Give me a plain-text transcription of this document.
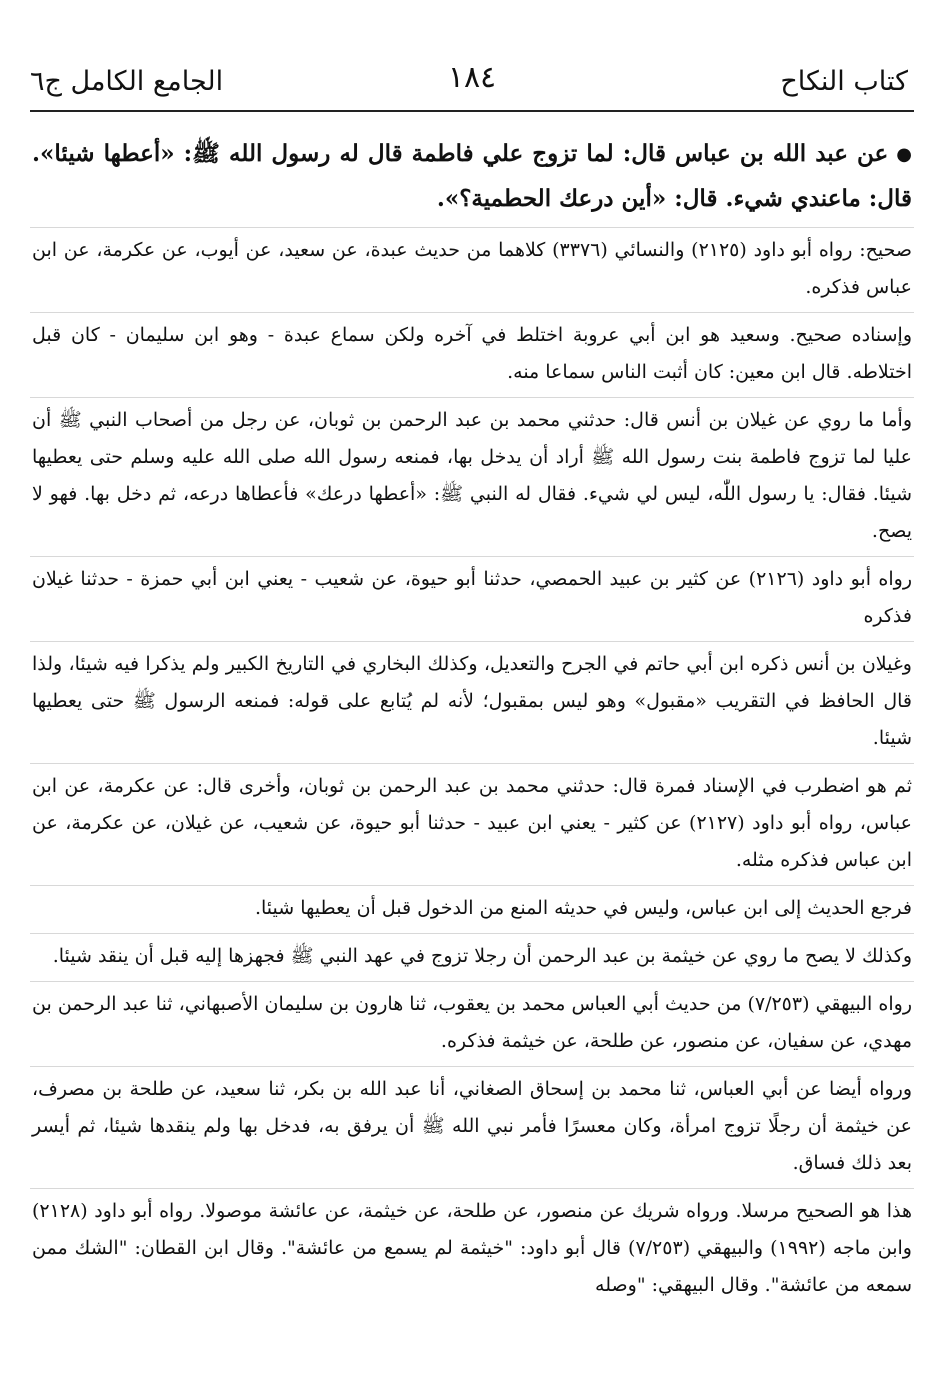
كتاب النكاح
١٨٤
الجامع الكامل ج٦

●عن عبد الله بن عباس قال: لما تزوج علي فاطمة قال له رسول الله ﷺ: «أعطها شيئا». قال: ماعندي شيء. قال: «أين درعك الحطمية؟».

صحيح: رواه أبو داود (٢١٢٥) والنسائي (٣٣٧٦) كلاهما من حديث عبدة، عن سعيد، عن أيوب، عن عكرمة، عن ابن عباس فذكره.

وإسناده صحيح. وسعيد هو ابن أبي عروبة اختلط في آخره ولكن سماع عبدة - وهو ابن سليمان - كان قبل اختلاطه. قال ابن معين: كان أثبت الناس سماعا منه.

وأما ما روي عن غيلان بن أنس قال: حدثني محمد بن عبد الرحمن بن ثوبان، عن رجل من أصحاب النبي ﷺ أن عليا لما تزوج فاطمة بنت رسول الله ﷺ أراد أن يدخل بها، فمنعه رسول الله صلى الله عليه وسلم حتى يعطيها شيئا. فقال: يا رسول اللّٰه، ليس لي شيء. فقال له النبي ﷺ: «أعطها درعك» فأعطاها درعه، ثم دخل بها. فهو لا يصح.

رواه أبو داود (٢١٢٦) عن كثير بن عبيد الحمصي، حدثنا أبو حيوة، عن شعيب - يعني ابن أبي حمزة - حدثنا غيلان فذكره

وغيلان بن أنس ذكره ابن أبي حاتم في الجرح والتعديل، وكذلك البخاري في التاريخ الكبير ولم يذكرا فيه شيئا، ولذا قال الحافظ في التقريب «مقبول» وهو ليس بمقبول؛ لأنه لم يُتابع على قوله: فمنعه الرسول ﷺ حتى يعطيها شيئا.

ثم هو اضطرب في الإسناد فمرة قال: حدثني محمد بن عبد الرحمن بن ثوبان، وأخرى قال: عن عكرمة، عن ابن عباس، رواه أبو داود (٢١٢٧) عن كثير - يعني ابن عبيد - حدثنا أبو حيوة، عن شعيب، عن غيلان، عن عكرمة، عن ابن عباس فذكره مثله.

فرجع الحديث إلى ابن عباس، وليس في حديثه المنع من الدخول قبل أن يعطيها شيئا.

وكذلك لا يصح ما روي عن خيثمة بن عبد الرحمن أن رجلا تزوج في عهد النبي ﷺ فجهزها إليه قبل أن ينقد شيئا.

رواه البيهقي (٧/٢٥٣) من حديث أبي العباس محمد بن يعقوب، ثنا هارون بن سليمان الأصبهاني، ثنا عبد الرحمن بن مهدي، عن سفيان، عن منصور، عن طلحة، عن خيثمة فذكره.

ورواه أيضا عن أبي العباس، ثنا محمد بن إسحاق الصغاني، أنا عبد الله بن بكر، ثنا سعيد، عن طلحة بن مصرف، عن خيثمة أن رجلًا تزوج امرأة، وكان معسرًا فأمر نبي الله ﷺ أن يرفق به، فدخل بها ولم ينقدها شيئا، ثم أيسر بعد ذلك فساق.

هذا هو الصحيح مرسلا. ورواه شريك عن منصور، عن طلحة، عن خيثمة، عن عائشة موصولا. رواه أبو داود (٢١٢٨) وابن ماجه (١٩٩٢) والبيهقي (٧/٢٥٣) قال أبو داود: "خيثمة لم يسمع من عائشة". وقال ابن القطان: "الشك ممن سمعه من عائشة". وقال البيهقي: "وصله
